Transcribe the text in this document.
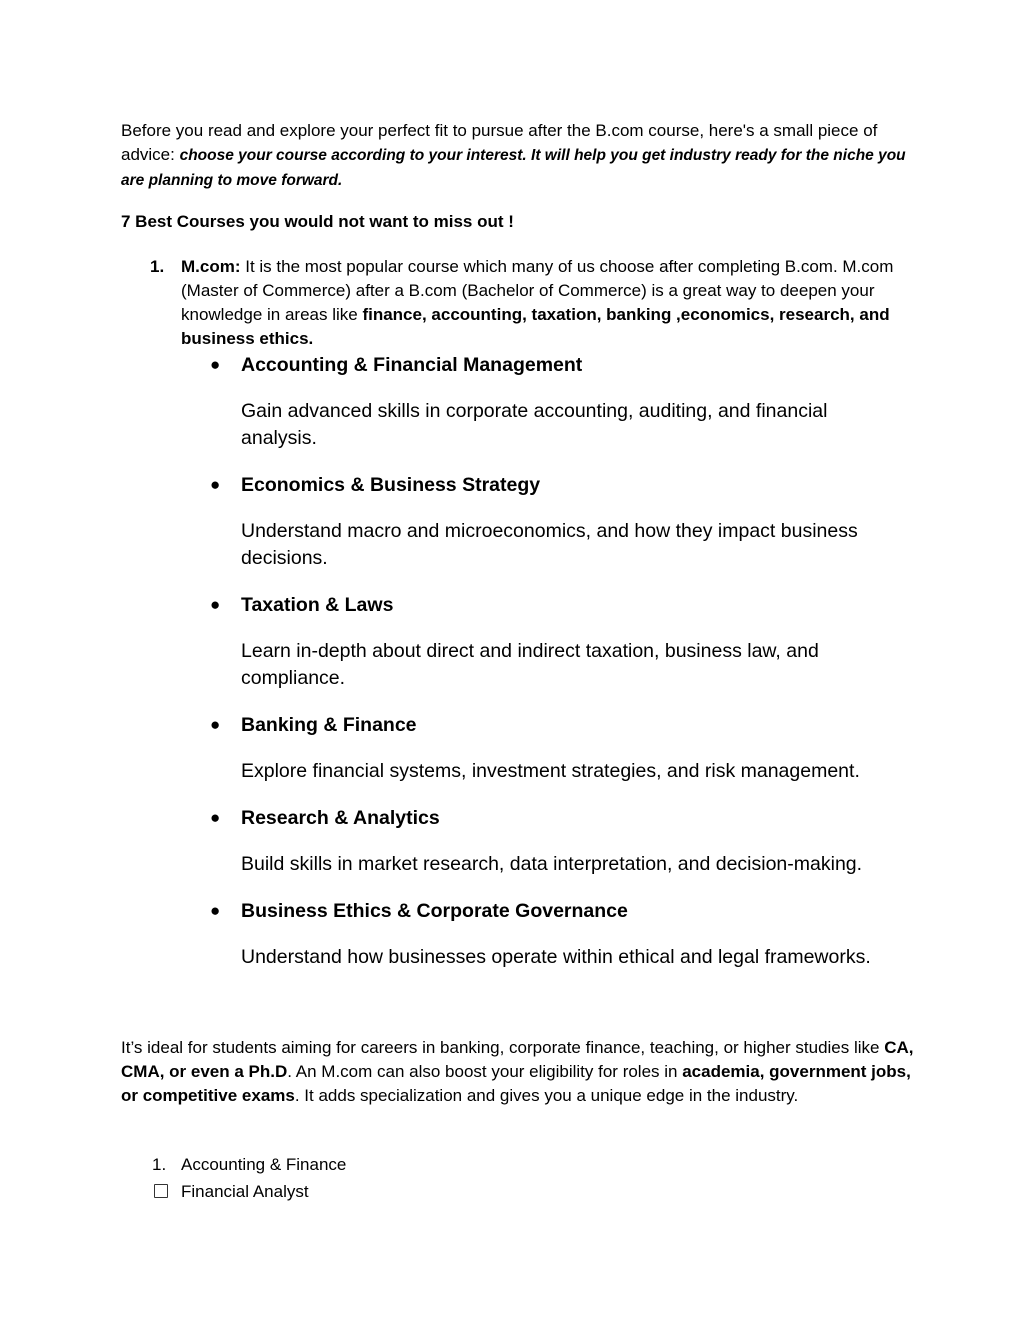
Before you read and explore your perfect fit to pursue after the B.com course, here's a small piece of advice: choose your course according to your interest. It will help you get industry ready for the niche you are planning to move forward.

7 Best Courses you would not want to miss out !

1. M.com: It is the most popular course which many of us choose after completing B.com. M.com (Master of Commerce) after a B.com (Bachelor of Commerce) is a great way to deepen your knowledge in areas like finance, accounting, taxation, banking ,economics, research, and business ethics.

● Accounting & Financial Management

Gain advanced skills in corporate accounting, auditing, and financial analysis.

● Economics & Business Strategy

Understand macro and microeconomics, and how they impact business decisions.

● Taxation & Laws

Learn in-depth about direct and indirect taxation, business law, and compliance.

● Banking & Finance

Explore financial systems, investment strategies, and risk management.

● Research & Analytics

Build skills in market research, data interpretation, and decision-making.

● Business Ethics & Corporate Governance

Understand how businesses operate within ethical and legal frameworks.

It’s ideal for students aiming for careers in banking, corporate finance, teaching, or higher studies like CA, CMA, or even a Ph.D. An M.com can also boost your eligibility for roles in academia, government jobs, or competitive exams. It adds specialization and gives you a unique edge in the industry.

1. Accounting & Finance
Financial Analyst
